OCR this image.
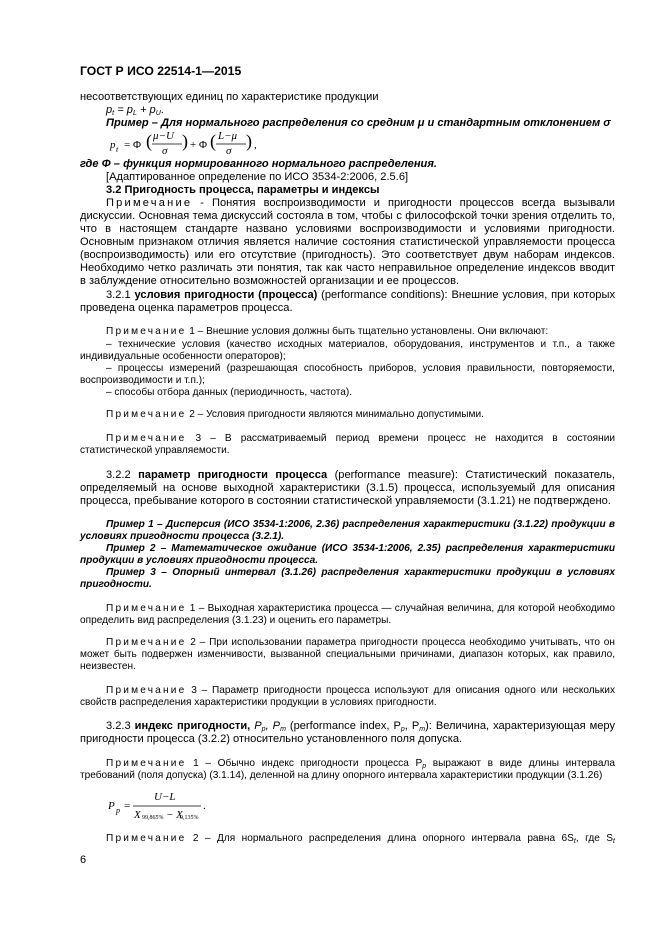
ГОСТ Р ИСО 22514-1—2015
несоответствующих единиц по характеристике продукции
pt = pL + pU.
Пример – Для нормального распределения со средним μ и стандартным отклонением σ
p t = Φ ( μ−U
σ ) + Φ ( L−μ
σ ) ,
где Φ – функция нормированного нормального распределения.
[Адаптированное определение по ИСО 3534-2:2006, 2.5.6]
3.2 Пригодность процесса, параметры и индексы
Примечание - Понятия воспроизводимости и пригодности процессов всегда вызывали
дискуссии. Основная тема дискуссий состояла в том, чтобы с философской точки зрения отделить то,
что в настоящем стандарте названо условиями воспроизводимости и условиями пригодности.
Основным признаком отличия является наличие состояния статистической управляемости процесса
(воспроизводимость) или его отсутствие (пригодность). Это соответствует двум наборам индексов.
Необходимо четко различать эти понятия, так как часто неправильное определение индексов вводит
в заблуждение относительно возможностей организации и ее процессов.
3.2.1 условия пригодности (процесса) (performance conditions): Внешние условия, при которых
проведена оценка параметров процесса.
Примечание 1 – Внешние условия должны быть тщательно установлены. Они включают:
– технические условия (качество исходных материалов, оборудования, инструментов и т.п., а также
индивидуальные особенности операторов);
– процессы измерений (разрешающая способность приборов, условия правильности, повторяемости,
воспроизводимости и т.п.);
– способы отбора данных (периодичность, частота).
Примечание 2 – Условия пригодности являются минимально допустимыми.
Примечание 3 – В рассматриваемый период времени процесс не находится в состоянии
статистической управляемости.
3.2.2 параметр пригодности процесса (performance measure): Статистический показатель,
определяемый на основе выходной характеристики (3.1.5) процесса, используемый для описания
процесса, пребывание которого в состоянии статистической управляемости (3.1.21) не подтверждено.
Пример 1 – Дисперсия (ИСО 3534-1:2006, 2.36) распределения характеристики (3.1.22) продукции в
условиях пригодности процесса (3.2.1).
Пример 2 – Математическое ожидание (ИСО 3534-1:2006, 2.35) распределения характеристики
продукции в условиях пригодности процесса.
Пример 3 – Опорный интервал (3.1.26) распределения характеристики продукции в условиях
пригодности.
Примечание 1 – Выходная характеристика процесса — случайная величина, для которой необходимо
определить вид распределения (3.1.23) и оценить его параметры.
Примечание 2 – При использовании параметра пригодности процесса необходимо учитывать, что он
может быть подвержен изменчивости, вызванной специальными причинами, диапазон которых, как правило,
неизвестен.
Примечание 3 – Параметр пригодности процесса используют для описания одного или нескольких
свойств распределения характеристики продукции в условиях пригодности.
3.2.3 индекс пригодности, Pp, Pm (performance index, Pp, Pm): Величина, характеризующая меру
пригодности процесса (3.2.2) относительно установленного поля допуска.
Примечание 1 – Обычно индекс пригодности процесса Pp выражают в виде длины интервала
требований (поля допуска) (3.1.14), деленной на длину опорного интервала характеристики продукции (3.1.26)
P p =
U−L
X 99,865% − X
0,135%
.
Примечание 2 – Для нормального распределения длина опорного интервала равна 6St, где St
6
